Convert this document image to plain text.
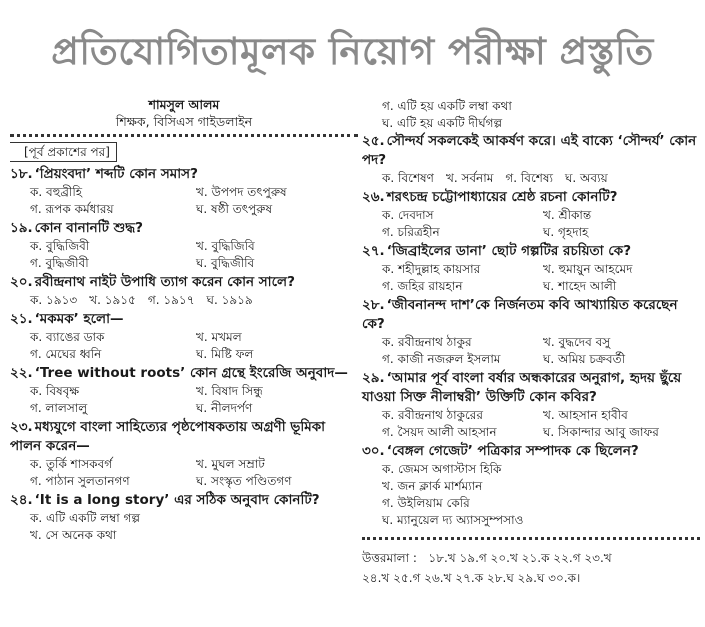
প্রতিযোগিতামূলক নিয়োগ পরীক্ষা প্রস্তুতি
শামসুল আলম
শিক্ষক, বিসিএস গাইডলাইন
[পূর্ব প্রকাশের পর]
১৮. ‘প্রিয়ংবদা’ শব্দটি কোন সমাস?
ক. বহুব্রীহি	খ. উপপদ তৎপুরুষ
গ. রূপক কর্মধারয়	ঘ. ষষ্ঠী তৎপুরুষ
১৯. কোন বানানটি শুদ্ধ?
ক. বুদ্ধিজিবী	খ. বুদ্ধিজিবি
গ. বুদ্ধিজীবী	ঘ. বুদ্ধিজীবি
২০. রবীন্দ্রনাথ নাইট উপাধি ত্যাগ করেন কোন সালে?
ক. ১৯১৩ খ. ১৯১৫ গ. ১৯১৭ ঘ. ১৯১৯
২১. ‘মকমক’ হলো—
ক. ব্যাঙের ডাক	খ. মখমল
গ. মেঘের ধ্বনি	ঘ. মিষ্টি ফল
২২. ‘Tree without roots’ কোন গ্রন্থে ইংরেজি অনুবাদ—
ক. বিষবৃক্ষ	খ. বিষাদ সিন্ধু
গ. লালসালু	ঘ. নীলদর্পণ
২৩. মধ্যযুগে বাংলা সাহিত্যের পৃষ্ঠপোষকতায় অগ্রণী ভূমিকা পালন করেন—
ক. তুর্কি শাসকবর্গ	খ. মুঘল সম্রাট
গ. পাঠান সুলতানগণ	ঘ. সংস্কৃত পণ্ডিতগণ
২৪. ‘It is a long story’ এর সঠিক অনুবাদ কোনটি?
ক. এটি একটি লম্বা গল্প
খ. সে অনেক কথা
গ. এটি হয় একটি লম্বা কথা
ঘ. এটি হয় একটি দীর্ঘগল্প
২৫. সৌন্দর্য সকলকেই আকর্ষণ করে। এই বাক্যে ‘সৌন্দর্য’ কোন পদ?
ক. বিশেষণ খ. সর্বনাম গ. বিশেষ্য ঘ. অব্যয়
২৬. শরৎচন্দ্র চট্টোপাধ্যায়ের শ্রেষ্ঠ রচনা কোনটি?
ক. দেবদাস	খ. শ্রীকান্ত
গ. চরিত্রহীন	ঘ. গৃহদাহ
২৭. ‘জিব্রাইলের ডানা’ ছোট গল্পটির রচয়িতা কে?
ক. শহীদুল্লাহ কায়সার	খ. হুমায়ুন আহমেদ
গ. জহির রায়হান	ঘ. শাহেদ আলী
২৮. ‘জীবনানন্দ দাশ’কে নির্জনতম কবি আখ্যায়িত করেছেন কে?
ক. রবীন্দ্রনাথ ঠাকুর	খ. বুদ্ধদেব বসু
গ. কাজী নজরুল ইসলাম	ঘ. অমিয় চক্রবর্তী
২৯. ‘আমার পূর্ব বাংলা বর্ষার অন্ধকারের অনুরাগ, হৃদয় ছুঁয়ে যাওয়া সিক্ত নীলাম্বরী’ উক্তিটি কোন কবির?
ক. রবীন্দ্রনাথ ঠাকুরের	খ. আহসান হাবীব
গ. সৈয়দ আলী আহসান	ঘ. সিকান্দার আবু জাফর
৩০. ‘বেঙ্গল গেজেট’ পত্রিকার সম্পাদক কে ছিলেন?
ক. জেমস অগাস্টাস হিকি
খ. জন ক্লার্ক মার্শম্যান
গ. উইলিয়াম কেরি
ঘ. ম্যানুয়েল দ্য অ্যাসসুম্পসাও
উত্তরমালা : ১৮.খ ১৯.গ ২০.খ ২১.ক ২২.গ ২৩.খ
২৪.খ ২৫.গ ২৬.খ ২৭.ক ২৮.ঘ ২৯.ঘ ৩০.ক।
